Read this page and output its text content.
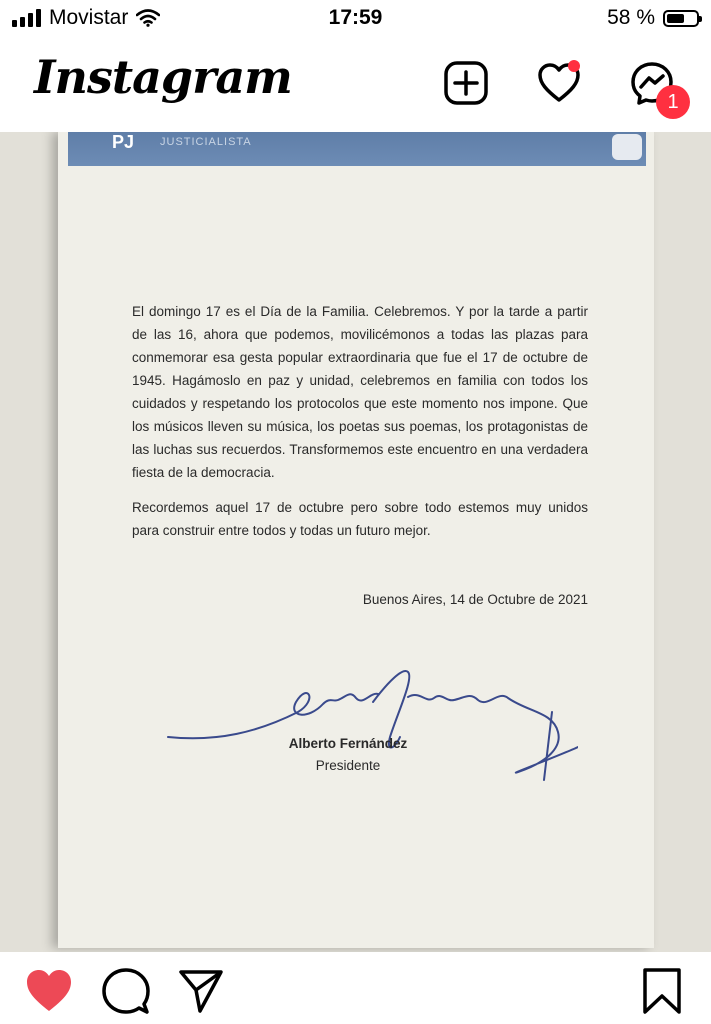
Movistar	17:59	58 %
Instagram	1
PJ	JUSTICIALISTA

El domingo 17 es el Día de la Familia. Celebremos. Y por la tarde a partir de las 16, ahora que podemos, movilicémonos a todas las plazas para conmemorar esa gesta popular extraordinaria que fue el 17 de octubre de 1945. Hagámoslo en paz y unidad, celebremos en familia con todos los cuidados y respetando los protocolos que este momento nos impone. Que los músicos lleven su música, los poetas sus poemas, los protagonistas de las luchas sus recuerdos. Transformemos este encuentro en una verdadera fiesta de la democracia.

Recordemos aquel 17 de octubre pero sobre todo estemos muy unidos para construir entre todos y todas un futuro mejor.

Buenos Aires, 14 de Octubre de 2021
Alberto Fernández
Presidente
